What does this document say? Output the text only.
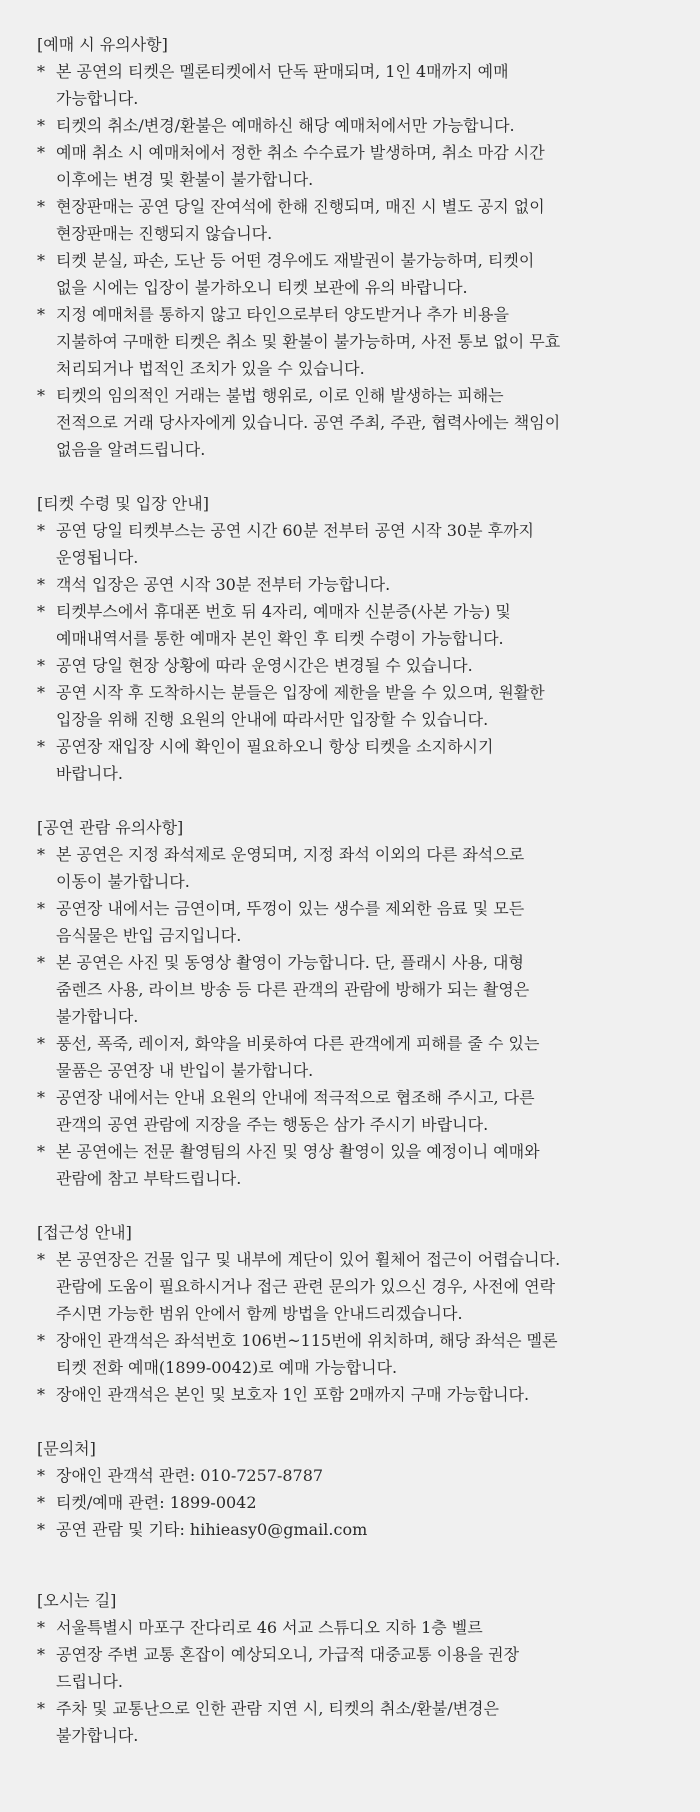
[예매 시 유의사항]
* 본 공연의 티켓은 멜론티켓에서 단독 판매되며, 1인 4매까지 예매
가능합니다.
* 티켓의 취소/변경/환불은 예매하신 해당 예매처에서만 가능합니다.
* 예매 취소 시 예매처에서 정한 취소 수수료가 발생하며, 취소 마감 시간
이후에는 변경 및 환불이 불가합니다.
* 현장판매는 공연 당일 잔여석에 한해 진행되며, 매진 시 별도 공지 없이
현장판매는 진행되지 않습니다.
* 티켓 분실, 파손, 도난 등 어떤 경우에도 재발권이 불가능하며, 티켓이
없을 시에는 입장이 불가하오니 티켓 보관에 유의 바랍니다.
* 지정 예매처를 통하지 않고 타인으로부터 양도받거나 추가 비용을
지불하여 구매한 티켓은 취소 및 환불이 불가능하며, 사전 통보 없이 무효
처리되거나 법적인 조치가 있을 수 있습니다.
* 티켓의 임의적인 거래는 불법 행위로, 이로 인해 발생하는 피해는
전적으로 거래 당사자에게 있습니다. 공연 주최, 주관, 협력사에는 책임이
없음을 알려드립니다.
[티켓 수령 및 입장 안내]
* 공연 당일 티켓부스는 공연 시간 60분 전부터 공연 시작 30분 후까지
운영됩니다.
* 객석 입장은 공연 시작 30분 전부터 가능합니다.
* 티켓부스에서 휴대폰 번호 뒤 4자리, 예매자 신분증(사본 가능) 및
예매내역서를 통한 예매자 본인 확인 후 티켓 수령이 가능합니다.
* 공연 당일 현장 상황에 따라 운영시간은 변경될 수 있습니다.
* 공연 시작 후 도착하시는 분들은 입장에 제한을 받을 수 있으며, 원활한
입장을 위해 진행 요원의 안내에 따라서만 입장할 수 있습니다.
* 공연장 재입장 시에 확인이 필요하오니 항상 티켓을 소지하시기
바랍니다.
[공연 관람 유의사항]
* 본 공연은 지정 좌석제로 운영되며, 지정 좌석 이외의 다른 좌석으로
이동이 불가합니다.
* 공연장 내에서는 금연이며, 뚜껑이 있는 생수를 제외한 음료 및 모든
음식물은 반입 금지입니다.
* 본 공연은 사진 및 동영상 촬영이 가능합니다. 단, 플래시 사용, 대형
줌렌즈 사용, 라이브 방송 등 다른 관객의 관람에 방해가 되는 촬영은
불가합니다.
* 풍선, 폭죽, 레이저, 화약을 비롯하여 다른 관객에게 피해를 줄 수 있는
물품은 공연장 내 반입이 불가합니다.
* 공연장 내에서는 안내 요원의 안내에 적극적으로 협조해 주시고, 다른
관객의 공연 관람에 지장을 주는 행동은 삼가 주시기 바랍니다.
* 본 공연에는 전문 촬영팀의 사진 및 영상 촬영이 있을 예정이니 예매와
관람에 참고 부탁드립니다.
[접근성 안내]
* 본 공연장은 건물 입구 및 내부에 계단이 있어 휠체어 접근이 어렵습니다.
관람에 도움이 필요하시거나 접근 관련 문의가 있으신 경우, 사전에 연락
주시면 가능한 범위 안에서 함께 방법을 안내드리겠습니다.
* 장애인 관객석은 좌석번호 106번~115번에 위치하며, 해당 좌석은 멜론
티켓 전화 예매(1899-0042)로 예매 가능합니다.
* 장애인 관객석은 본인 및 보호자 1인 포함 2매까지 구매 가능합니다.
[문의처]
* 장애인 관객석 관련: 010-7257-8787
* 티켓/예매 관련: 1899-0042
* 공연 관람 및 기타: hihieasy0@gmail.com
[오시는 길]
* 서울특별시 마포구 잔다리로 46 서교 스튜디오 지하 1층 벨르
* 공연장 주변 교통 혼잡이 예상되오니, 가급적 대중교통 이용을 권장
드립니다.
* 주차 및 교통난으로 인한 관람 지연 시, 티켓의 취소/환불/변경은
불가합니다.
